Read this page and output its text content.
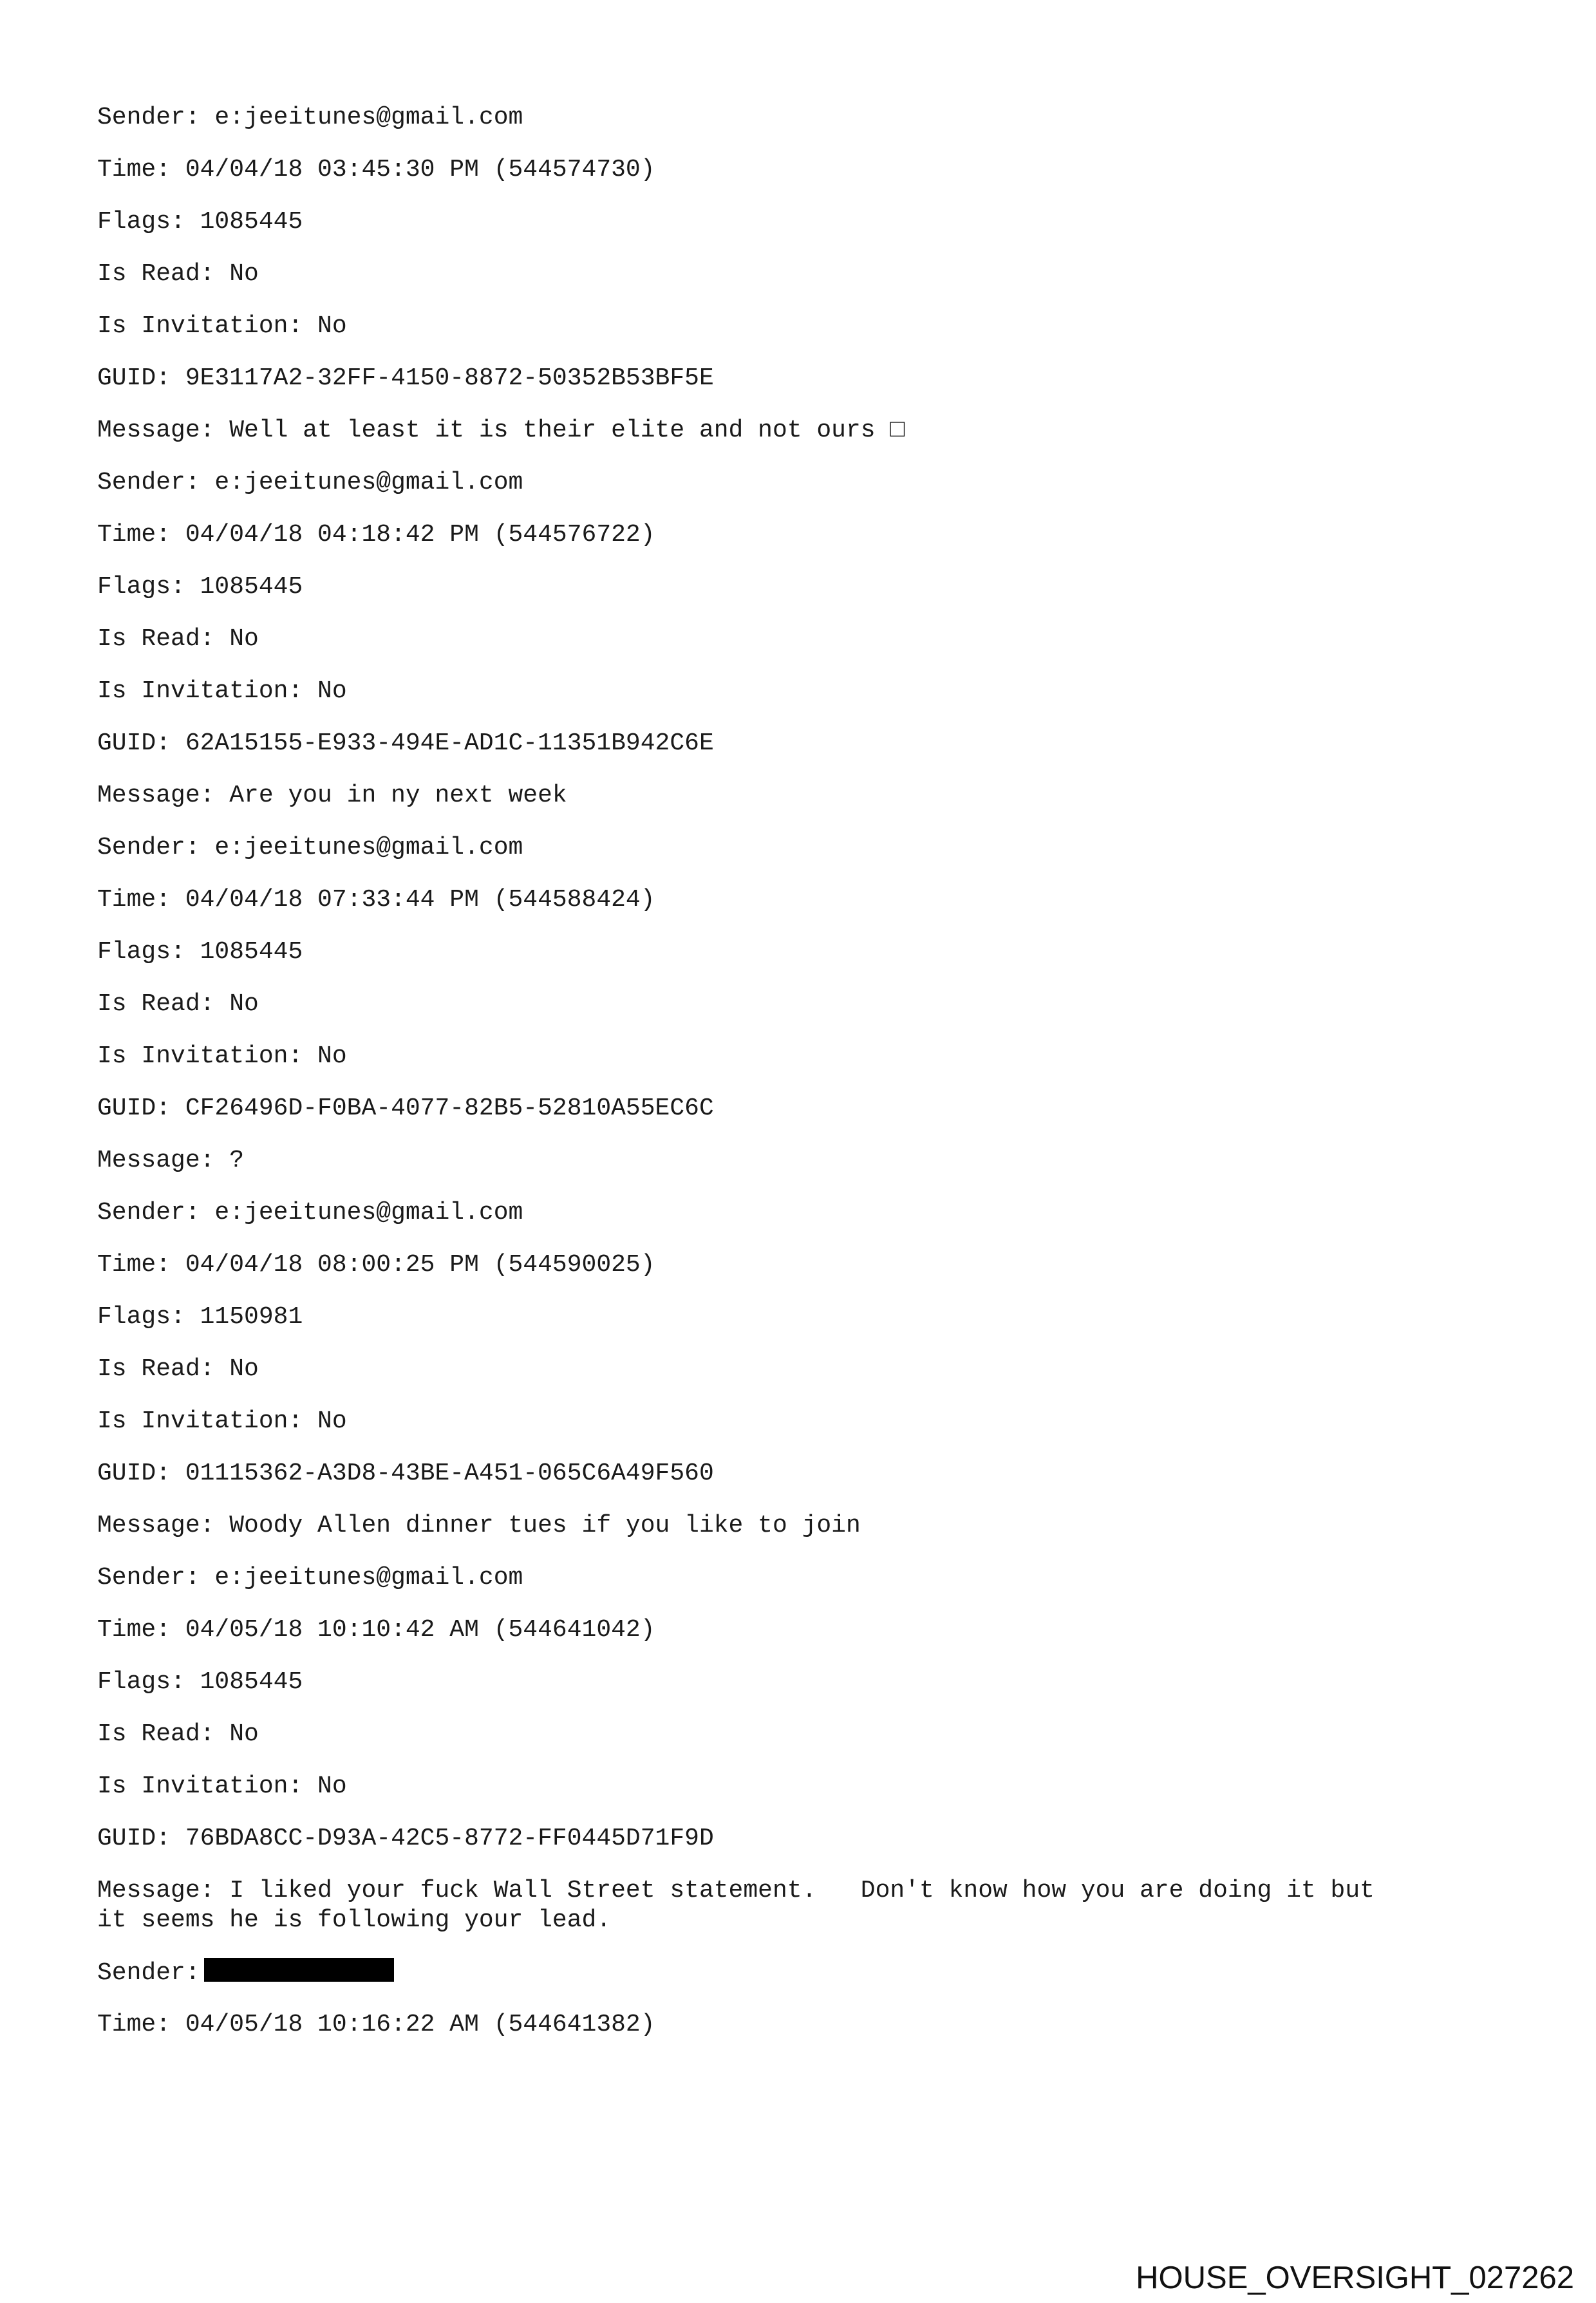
Sender: e:jeeitunes@gmail.com
Time: 04/04/18 03:45:30 PM (544574730)
Flags: 1085445
Is Read: No
Is Invitation: No
GUID: 9E3117A2-32FF-4150-8872-50352B53BF5E
Message: Well at least it is their elite and not ours □
Sender: e:jeeitunes@gmail.com
Time: 04/04/18 04:18:42 PM (544576722)
Flags: 1085445
Is Read: No
Is Invitation: No
GUID: 62A15155-E933-494E-AD1C-11351B942C6E
Message: Are you in ny next week
Sender: e:jeeitunes@gmail.com
Time: 04/04/18 07:33:44 PM (544588424)
Flags: 1085445
Is Read: No
Is Invitation: No
GUID: CF26496D-F0BA-4077-82B5-52810A55EC6C
Message: ?
Sender: e:jeeitunes@gmail.com
Time: 04/04/18 08:00:25 PM (544590025)
Flags: 1150981
Is Read: No
Is Invitation: No
GUID: 01115362-A3D8-43BE-A451-065C6A49F560
Message: Woody Allen dinner tues if you like to join
Sender: e:jeeitunes@gmail.com
Time: 04/05/18 10:10:42 AM (544641042)
Flags: 1085445
Is Read: No
Is Invitation: No
GUID: 76BDA8CC-D93A-42C5-8772-FF0445D71F9D
Message: I liked your fuck Wall Street statement.   Don't know how you are doing it but
it seems he is following your lead.
Sender:
Time: 04/05/18 10:16:22 AM (544641382)
HOUSE_OVERSIGHT_027262
